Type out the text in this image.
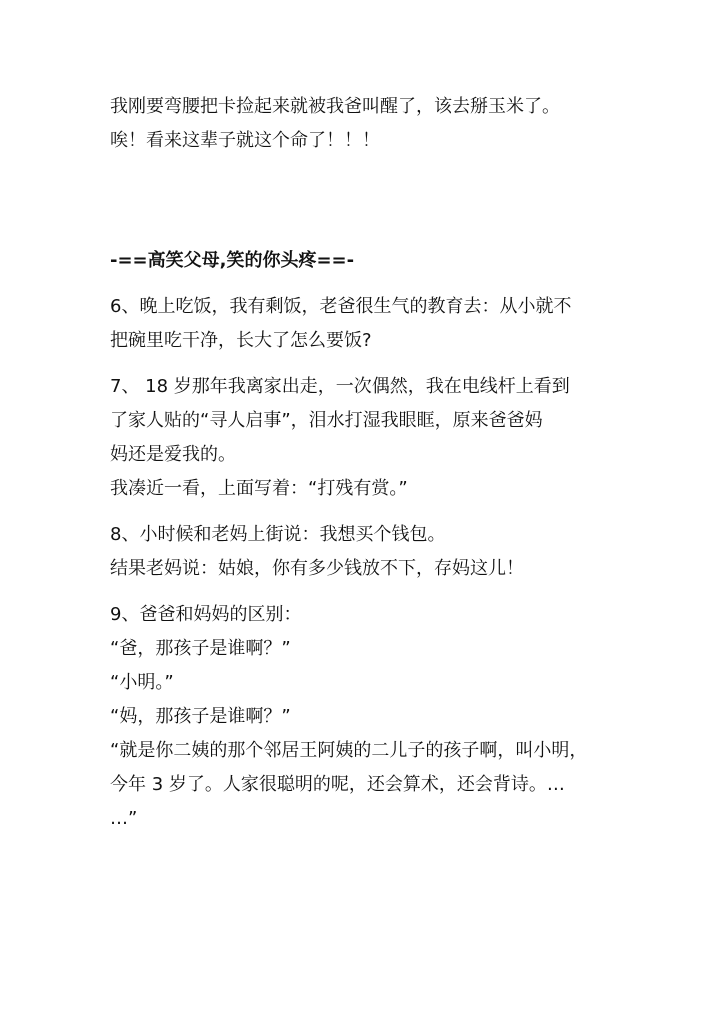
我刚要弯腰把卡捡起来就被我爸叫醒了，该去掰玉米了。

唉！看来这辈子就这个命了！！！

-==高笑父母,笑的你头疼==-

6、晚上吃饭，我有剩饭，老爸很生气的教育去：从小就不

把碗里吃干净，长大了怎么要饭?

7、 18 岁那年我离家出走，一次偶然，我在电线杆上看到

了家人贴的“寻人启事”，泪水打湿我眼眶，原来爸爸妈

妈还是爱我的。

我凑近一看，上面写着：“打残有赏。”

8、小时候和老妈上街说：我想买个钱包。

结果老妈说：姑娘，你有多少钱放不下，存妈这儿！

9、爸爸和妈妈的区别：

“爸，那孩子是谁啊？”

“小明。”

“妈，那孩子是谁啊？”

“就是你二姨的那个邻居王阿姨的二儿子的孩子啊，叫小明，

今年 3 岁了。人家很聪明的呢，还会算术，还会背诗。…

…”
